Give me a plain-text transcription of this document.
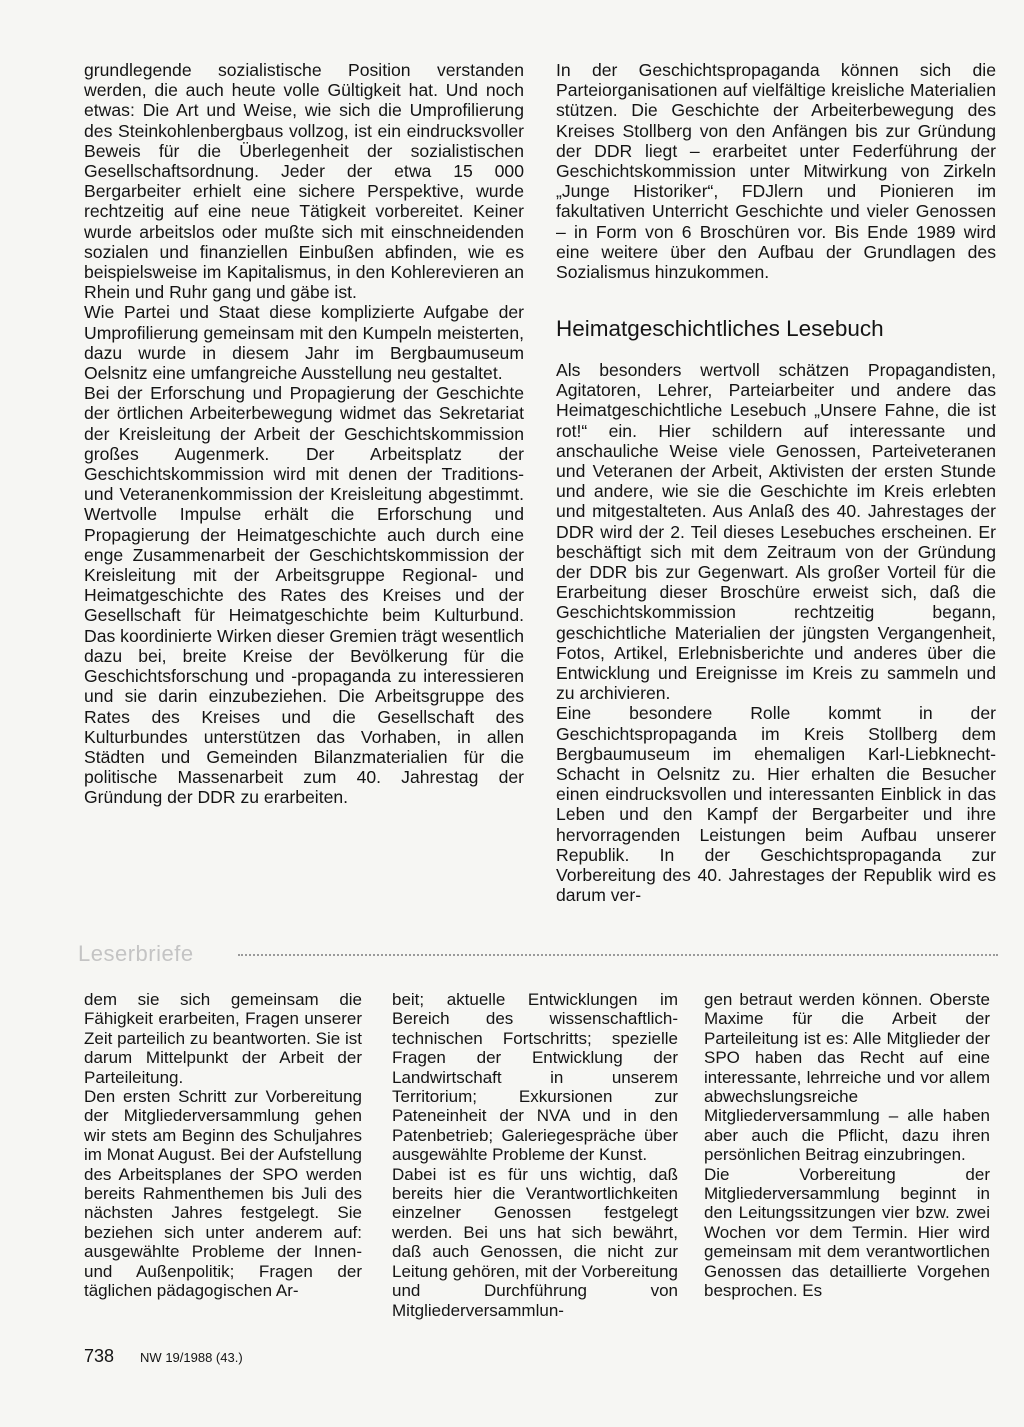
grundlegende sozialistische Position verstanden werden, die auch heute volle Gültigkeit hat. Und noch etwas: Die Art und Weise, wie sich die Umprofilierung des Steinkohlenbergbaus vollzog, ist ein eindrucksvoller Beweis für die Überlegenheit der sozialistischen Gesellschaftsordnung. Jeder der etwa 15 000 Bergarbeiter erhielt eine sichere Perspektive, wurde rechtzeitig auf eine neue Tätigkeit vorbereitet. Keiner wurde arbeitslos oder mußte sich mit einschneidenden sozialen und finanziellen Einbußen abfinden, wie es beispielsweise im Kapitalismus, in den Kohlerevieren an Rhein und Ruhr gang und gäbe ist.

Wie Partei und Staat diese komplizierte Aufgabe der Umprofilierung gemeinsam mit den Kumpeln meisterten, dazu wurde in diesem Jahr im Bergbaumuseum Oelsnitz eine umfangreiche Ausstellung neu gestaltet.

Bei der Erforschung und Propagierung der Geschichte der örtlichen Arbeiterbewegung widmet das Sekretariat der Kreisleitung der Arbeit der Geschichtskommission großes Augenmerk. Der Arbeitsplatz der Geschichtskommission wird mit denen der Traditions- und Veteranenkommission der Kreisleitung abgestimmt. Wertvolle Impulse erhält die Erforschung und Propagierung der Heimatgeschichte auch durch eine enge Zusammenarbeit der Geschichtskommission der Kreisleitung mit der Arbeitsgruppe Regional- und Heimatgeschichte des Rates des Kreises und der Gesellschaft für Heimatgeschichte beim Kulturbund. Das koordinierte Wirken dieser Gremien trägt wesentlich dazu bei, breite Kreise der Bevölkerung für die Geschichtsforschung und -propaganda zu interessieren und sie darin einzubeziehen. Die Arbeitsgruppe des Rates des Kreises und die Gesellschaft des Kulturbundes unterstützen das Vorhaben, in allen Städten und Gemeinden Bilanzmaterialien für die politische Massenarbeit zum 40. Jahrestag der Gründung der DDR zu erarbeiten.

In der Geschichtspropaganda können sich die Parteiorganisationen auf vielfältige kreisliche Materialien stützen. Die Geschichte der Arbeiterbewegung des Kreises Stollberg von den Anfängen bis zur Gründung der DDR liegt – erarbeitet unter Federführung der Geschichtskommission unter Mitwirkung von Zirkeln „Junge Historiker“, FDJlern und Pionieren im fakultativen Unterricht Geschichte und vieler Genossen – in Form von 6 Broschüren vor. Bis Ende 1989 wird eine weitere über den Aufbau der Grundlagen des Sozialismus hinzukommen.

Heimatgeschichtliches Lesebuch

Als besonders wertvoll schätzen Propagandisten, Agitatoren, Lehrer, Parteiarbeiter und andere das Heimatgeschichtliche Lesebuch „Unsere Fahne, die ist rot!“ ein. Hier schildern auf interessante und anschauliche Weise viele Genossen, Parteiveteranen und Veteranen der Arbeit, Aktivisten der ersten Stunde und andere, wie sie die Geschichte im Kreis erlebten und mitgestalteten. Aus Anlaß des 40. Jahrestages der DDR wird der 2. Teil dieses Lesebuches erscheinen. Er beschäftigt sich mit dem Zeitraum von der Gründung der DDR bis zur Gegenwart. Als großer Vorteil für die Erarbeitung dieser Broschüre erweist sich, daß die Geschichtskommission rechtzeitig begann, geschichtliche Materialien der jüngsten Vergangenheit, Fotos, Artikel, Erlebnisberichte und anderes über die Entwicklung und Ereignisse im Kreis zu sammeln und zu archivieren.

Eine besondere Rolle kommt in der Geschichtspropaganda im Kreis Stollberg dem Bergbaumuseum im ehemaligen Karl-Liebknecht-Schacht in Oelsnitz zu. Hier erhalten die Besucher einen eindrucksvollen und interessanten Einblick in das Leben und den Kampf der Bergarbeiter und ihre hervorragenden Leistungen beim Aufbau unserer Republik. In der Geschichtspropaganda zur Vorbereitung des 40. Jahrestages der Republik wird es darum ver-

Leserbriefe

dem sie sich gemeinsam die Fähigkeit erarbeiten, Fragen unserer Zeit parteilich zu beantworten. Sie ist darum Mittelpunkt der Arbeit der Parteileitung.

Den ersten Schritt zur Vorbereitung der Mitgliederversammlung gehen wir stets am Beginn des Schuljahres im Monat August. Bei der Aufstellung des Arbeitsplanes der SPO werden bereits Rahmenthemen bis Juli des nächsten Jahres festgelegt. Sie beziehen sich unter anderem auf: ausgewählte Probleme der Innen- und Außenpolitik; Fragen der täglichen pädagogischen Ar-

beit; aktuelle Entwicklungen im Bereich des wissenschaftlich-technischen Fortschritts; spezielle Fragen der Entwicklung der Landwirtschaft in unserem Territorium; Exkursionen zur Pateneinheit der NVA und in den Patenbetrieb; Galeriegespräche über ausgewählte Probleme der Kunst.

Dabei ist es für uns wichtig, daß bereits hier die Verantwortlichkeiten einzelner Genossen festgelegt werden. Bei uns hat sich bewährt, daß auch Genossen, die nicht zur Leitung gehören, mit der Vorbereitung und Durchführung von Mitgliederversammlun-

gen betraut werden können. Oberste Maxime für die Arbeit der Parteileitung ist es: Alle Mitglieder der SPO haben das Recht auf eine interessante, lehrreiche und vor allem abwechslungsreiche Mitgliederversammlung – alle haben aber auch die Pflicht, dazu ihren persönlichen Beitrag einzubringen.

Die Vorbereitung der Mitgliederversammlung beginnt in den Leitungssitzungen vier bzw. zwei Wochen vor dem Termin. Hier wird gemeinsam mit dem verantwortlichen Genossen das detaillierte Vorgehen besprochen. Es

738 NW 19/1988 (43.)
